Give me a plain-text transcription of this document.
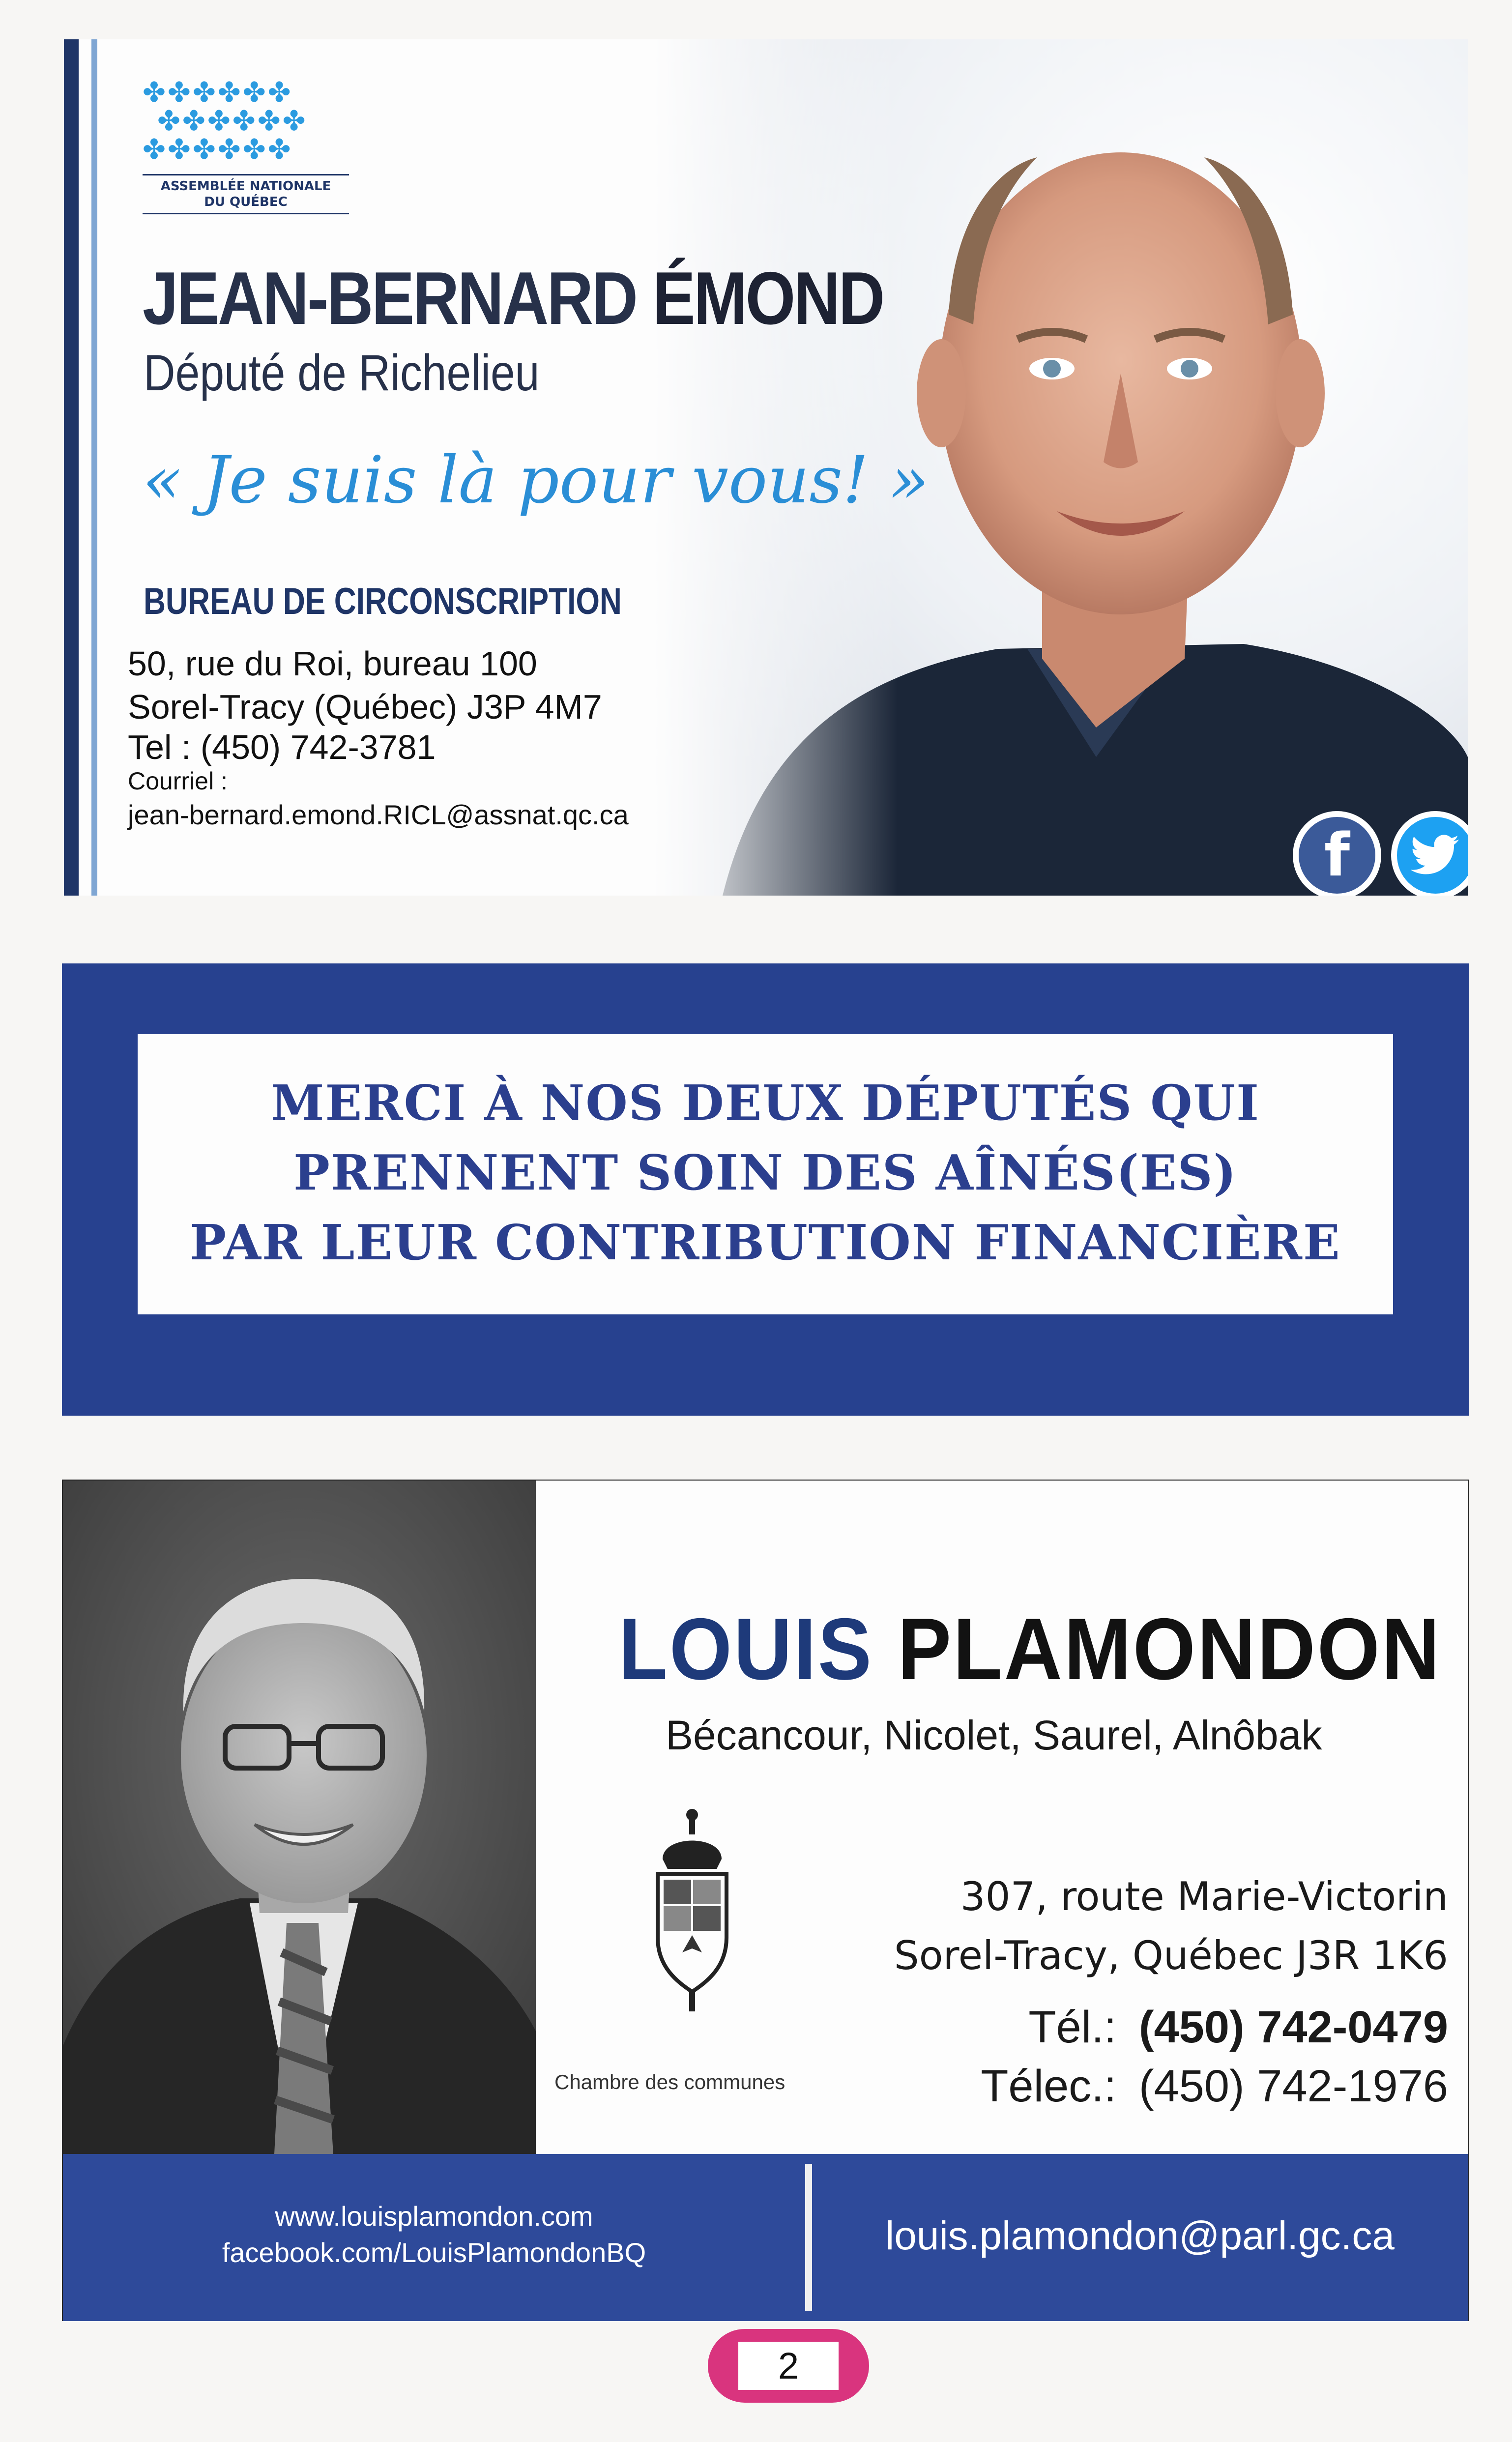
✤✤✤✤✤✤
✤✤✤✤✤✤
✤✤✤✤✤✤
ASSEMBLÉE NATIONALE
DU QUÉBEC
JEAN-BERNARD ÉMOND
Député de Richelieu
« Je suis là pour vous! »
BUREAU DE CIRCONSCRIPTION
50, rue du Roi, bureau 100
Sorel-Tracy (Québec) J3P 4M7
Tel : (450) 742-3781
Courriel :
jean-bernard.emond.RICL@assnat.qc.ca
f
MERCI À NOS DEUX DÉPUTÉS QUI
PRENNENT SOIN DES AÎNÉS(ES)
PAR LEUR CONTRIBUTION FINANCIÈRE
LOUIS PLAMONDON
Bécancour, Nicolet, Saurel, Alnôbak
Chambre des communes
307, route Marie-Victorin
Sorel-Tracy, Québec J3R 1K6
Tél.: (450) 742-0479
Télec.: (450) 742-1976
www.louisplamondon.com
facebook.com/LouisPlamondonBQ	louis.plamondon@parl.gc.ca
2
